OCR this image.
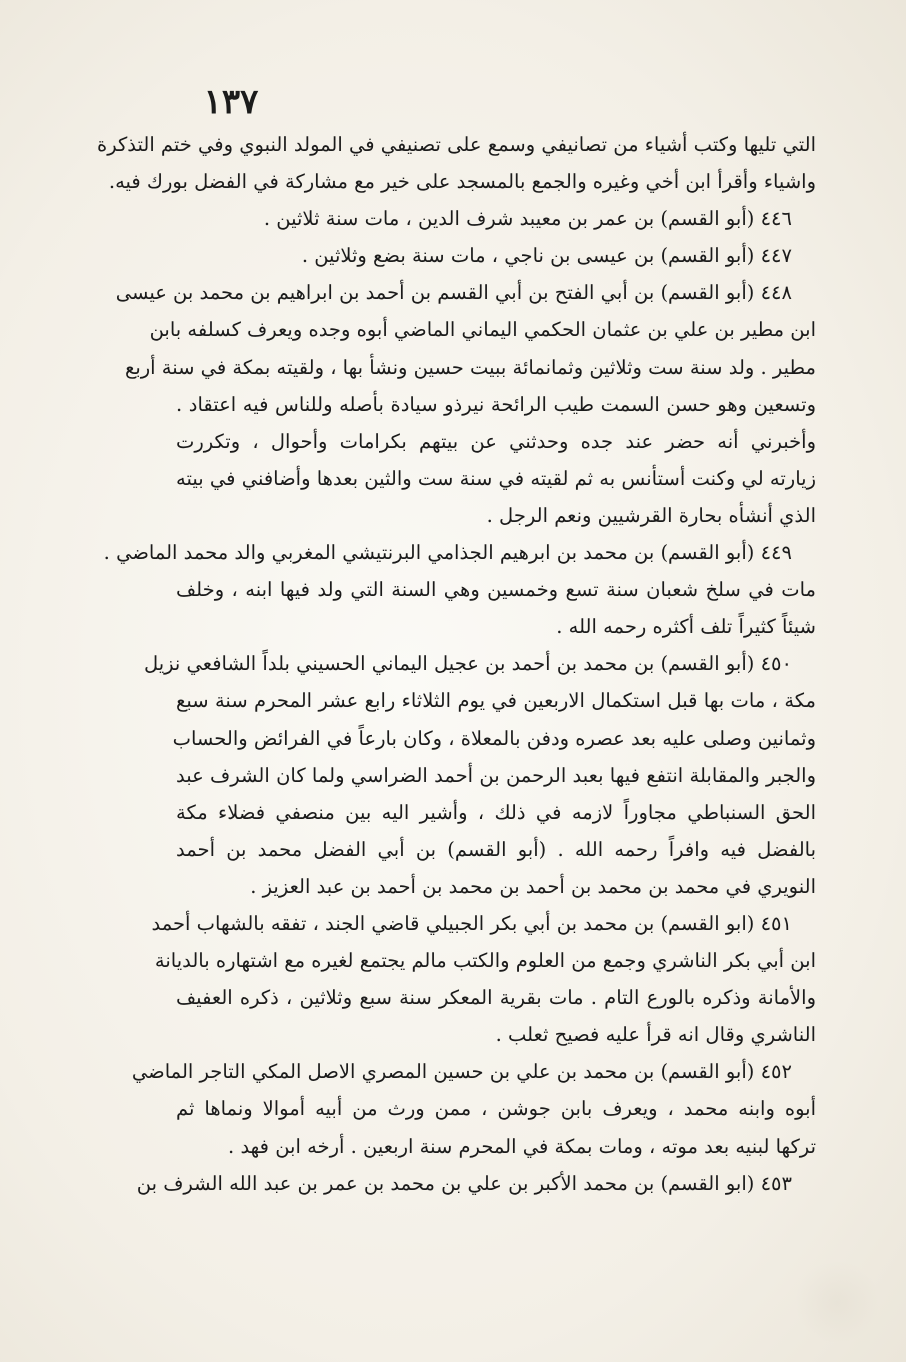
١٣٧
التي تليها وكتب أشياء من تصانيفي وسمع على تصنيفي في المولد النبوي وفي ختم التذكرة
واشياء وأقرأ ابن أخي وغيره والجمع بالمسجد على خير مع مشاركة في الفضل بورك فيه.
٤٤٦ (أبو القسم) بن عمر بن معيبد شرف الدين ، مات سنة ثلاثين .
٤٤٧ (أبو القسم) بن عيسى بن ناجي ، مات سنة بضع وثلاثين .
٤٤٨ (أبو القسم) بن أبي الفتح بن أبي القسم بن أحمد بن ابراهيم بن محمد بن عيسى
ابن مطير بن علي بن عثمان الحكمي اليماني الماضي أبوه وجده ويعرف كسلفه بابن
مطير . ولد سنة ست وثلاثين وثمانمائة ببيت حسين ونشأ بها ، ولقيته بمكة في سنة أربع
وتسعين وهو حسن السمت طيب الرائحة نيرذو سيادة بأصله وللناس فيه اعتقاد .
وأخبرني أنه حضر عند جده وحدثني عن بيتهم بكرامات وأحوال ، وتكررت
زيارته لي وكنت أستأنس به ثم لقيته في سنة ست والثين بعدها وأضافني في بيته
الذي أنشأه بحارة القرشيين ونعم الرجل .
٤٤٩ (أبو القسم) بن محمد بن ابرهيم الجذامي البرنتيشي المغربي والد محمد الماضي .
مات في سلخ شعبان سنة تسع وخمسين وهي السنة التي ولد فيها ابنه ، وخلف
شيئاً كثيراً تلف أكثره رحمه الله .
٤٥٠ (أبو القسم) بن محمد بن أحمد بن عجيل اليماني الحسيني بلداً الشافعي نزيل
مكة ، مات بها قبل استكمال الاربعين في يوم الثلاثاء رابع عشر المحرم سنة سبع
وثمانين وصلى عليه بعد عصره ودفن بالمعلاة ، وكان بارعاً في الفرائض والحساب
والجبر والمقابلة انتفع فيها بعبد الرحمن بن أحمد الضراسي ولما كان الشرف عبد
الحق السنباطي مجاوراً لازمه في ذلك ، وأشير اليه بين منصفي فضلاء مكة
بالفضل فيه وافراً رحمه الله . (أبو القسم) بن أبي الفضل محمد بن أحمد
النويري في محمد بن محمد بن أحمد بن محمد بن أحمد بن عبد العزيز .
٤٥١ (ابو القسم) بن محمد بن أبي بكر الجبيلي قاضي الجند ، تفقه بالشهاب أحمد
ابن أبي بكر الناشري وجمع من العلوم والكتب مالم يجتمع لغيره مع اشتهاره بالديانة
والأمانة وذكره بالورع التام . مات بقرية المعكر سنة سبع وثلاثين ، ذكره العفيف
الناشري وقال انه قرأ عليه فصيح ثعلب .
٤٥٢ (أبو القسم) بن محمد بن علي بن حسين المصري الاصل المكي التاجر الماضي
أبوه وابنه محمد ، ويعرف بابن جوشن ، ممن ورث من أبيه أموالا ونماها ثم
تركها لبنيه بعد موته ، ومات بمكة في المحرم سنة اربعين . أرخه ابن فهد .
٤٥٣ (ابو القسم) بن محمد الأكبر بن علي بن محمد بن عمر بن عبد الله الشرف بن
